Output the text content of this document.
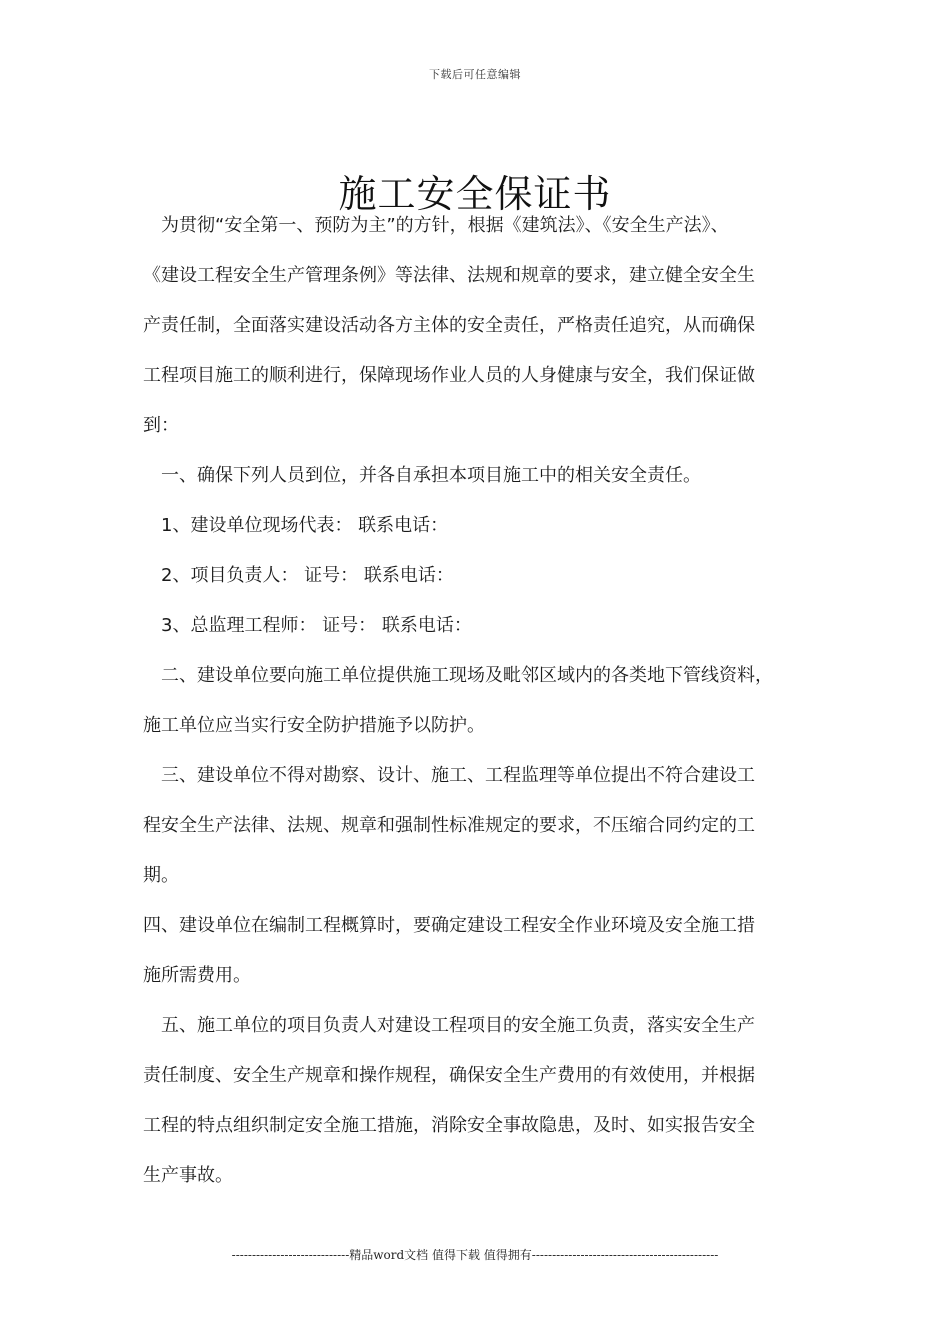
下载后可任意编辑
施工安全保证书

　为贯彻“安全第一、预防为主”的方针，根据《建筑法》、《安全生产法》、

《建设工程安全生产管理条例》等法律、法规和规章的要求，建立健全安全生

产责任制，全面落实建设活动各方主体的安全责任，严格责任追究，从而确保

工程项目施工的顺利进行，保障现场作业人员的人身健康与安全，我们保证做

到：

　一、确保下列人员到位，并各自承担本项目施工中的相关安全责任。

　1、建设单位现场代表： 联系电话：

　2、项目负责人： 证号： 联系电话：

　3、总监理工程师： 证号： 联系电话：

　二、建设单位要向施工单位提供施工现场及毗邻区域内的各类地下管线资料，

施工单位应当实行安全防护措施予以防护。

　三、建设单位不得对勘察、设计、施工、工程监理等单位提出不符合建设工

程安全生产法律、法规、规章和强制性标准规定的要求，不压缩合同约定的工

期。

四、建设单位在编制工程概算时，要确定建设工程安全作业环境及安全施工措

施所需费用。

　五、施工单位的项目负责人对建设工程项目的安全施工负责，落实安全生产

责任制度、安全生产规章和操作规程，确保安全生产费用的有效使用，并根据

工程的特点组织制定安全施工措施，消除安全事故隐患，及时、如实报告安全

生产事故。

-----------------------------精品word文档 值得下载 值得拥有----------------------------------------------
